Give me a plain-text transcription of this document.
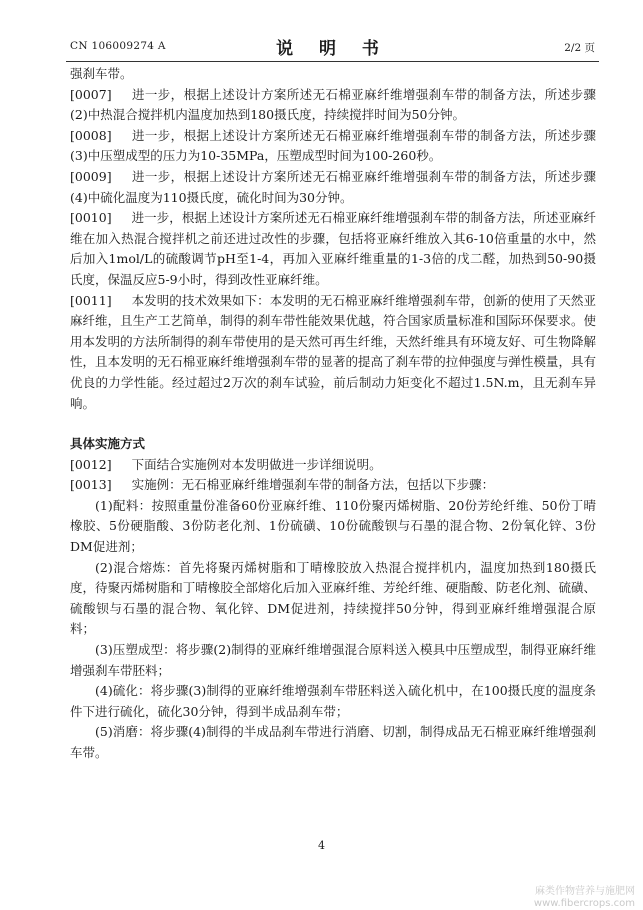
CN 106009274 A	说 明 书	2/2 页

强刹车带。

[0007] 进一步，根据上述设计方案所述无石棉亚麻纤维增强刹车带的制备方法，所述步骤(2)中热混合搅拌机内温度加热到180摄氏度，持续搅拌时间为50分钟。

[0008] 进一步，根据上述设计方案所述无石棉亚麻纤维增强刹车带的制备方法，所述步骤(3)中压塑成型的压力为10-35MPa，压塑成型时间为100-260秒。

[0009] 进一步，根据上述设计方案所述无石棉亚麻纤维增强刹车带的制备方法，所述步骤(4)中硫化温度为110摄氏度，硫化时间为30分钟。

[0010] 进一步，根据上述设计方案所述无石棉亚麻纤维增强刹车带的制备方法，所述亚麻纤维在加入热混合搅拌机之前还进过改性的步骤，包括将亚麻纤维放入其6-10倍重量的水中，然后加入1mol/L的硫酸调节pH至1-4，再加入亚麻纤维重量的1-3倍的戊二醛，加热到50-90摄氏度，保温反应5-9小时，得到改性亚麻纤维。

[0011] 本发明的技术效果如下：本发明的无石棉亚麻纤维增强刹车带，创新的使用了天然亚麻纤维，且生产工艺简单，制得的刹车带性能效果优越，符合国家质量标准和国际环保要求。使用本发明的方法所制得的刹车带使用的是天然可再生纤维，天然纤维具有环境友好、可生物降解性，且本发明的无石棉亚麻纤维增强刹车带的显著的提高了刹车带的拉伸强度与弹性模量，具有优良的力学性能。经过超过2万次的刹车试验，前后制动力矩变化不超过1.5N.m，且无刹车异响。

具体实施方式

[0012] 下面结合实施例对本发明做进一步详细说明。

[0013] 实施例：无石棉亚麻纤维增强刹车带的制备方法，包括以下步骤：

(1)配料：按照重量份准备60份亚麻纤维、110份聚丙烯树脂、20份芳纶纤维、50份丁晴橡胶、5份硬脂酸、3份防老化剂、1份硫磺、10份硫酸钡与石墨的混合物、2份氧化锌、3份DM促进剂；

(2)混合熔炼：首先将聚丙烯树脂和丁晴橡胶放入热混合搅拌机内，温度加热到180摄氏度，待聚丙烯树脂和丁晴橡胶全部熔化后加入亚麻纤维、芳纶纤维、硬脂酸、防老化剂、硫磺、硫酸钡与石墨的混合物、氧化锌、DM促进剂，持续搅拌50分钟，得到亚麻纤维增强混合原料；

(3)压塑成型：将步骤(2)制得的亚麻纤维增强混合原料送入模具中压塑成型，制得亚麻纤维增强刹车带胚料；

(4)硫化：将步骤(3)制得的亚麻纤维增强刹车带胚料送入硫化机中，在100摄氏度的温度条件下进行硫化，硫化30分钟，得到半成品刹车带；

(5)消磨：将步骤(4)制得的半成品刹车带进行消磨、切割，制得成品无石棉亚麻纤维增强刹车带。

4
麻类作物营养与施肥网
www.fibercrops.com
